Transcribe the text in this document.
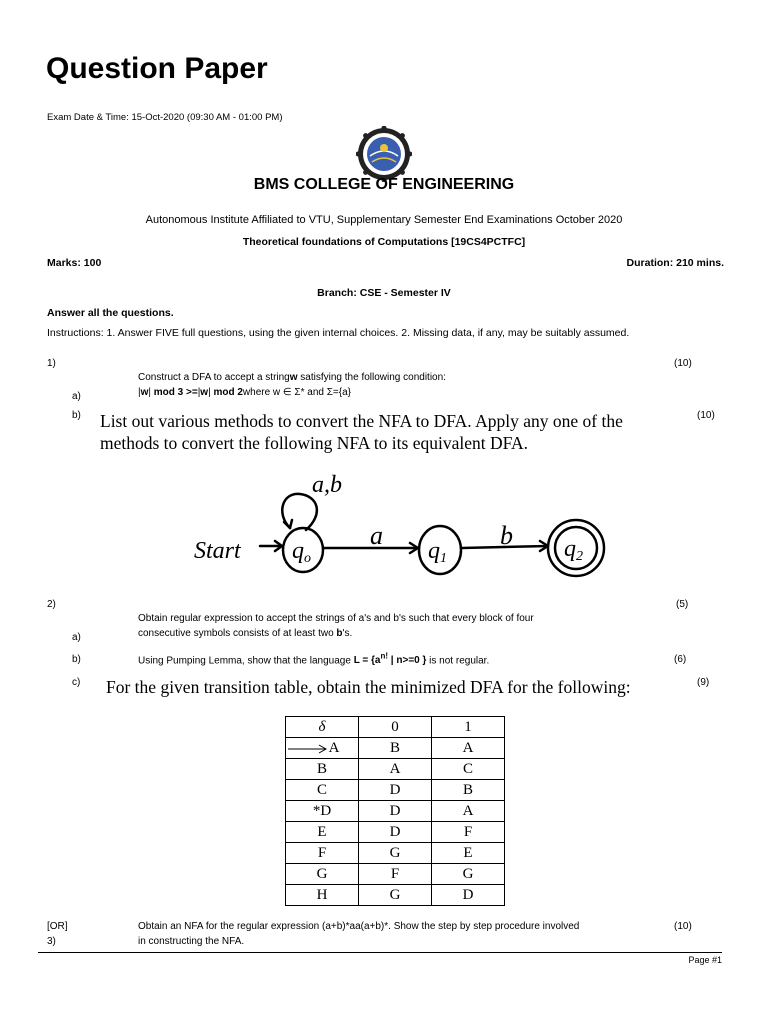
Question Paper
Exam Date & Time: 15-Oct-2020 (09:30 AM - 01:00 PM)
BMS COLLEGE OF ENGINEERING
Autonomous Institute Affiliated to VTU, Supplementary Semester End Examinations October 2020
Theoretical foundations of Computations [19CS4PCTFC]
Marks: 100	Duration: 210 mins.
Branch: CSE - Semester IV
Answer all the questions.
Instructions: 1. Answer FIVE full questions, using the given internal choices. 2. Missing data, if any, may be suitably assumed.
1)	(10)
Construct a DFA to accept a stringw satisfying the following condition:
|w| mod 3 >=|w| mod 2where w ∈ Σ* and Σ={a}
a)
b)	(10)
List out various methods to convert the NFA to DFA. Apply any one of the
methods to convert the following NFA to its equivalent DFA.
a,b
Start
a	b
qo	q1	q2
2)	(5)
Obtain regular expression to accept the strings of a's and b's such that every block of four
consecutive symbols consists of at least two b's.
a)
b)	(6)
Using Pumping Lemma, show that the language $L = \{a^{n!}$ | n>=0 } is not regular.
c)	(9)
For the given transition table, obtain the minimized DFA for the following:
δ	0	1

A	B	A
B	A	C
C	D	B
*D	D	A
E	D	F
F	G	E
G	F	G
H	G	D
[OR]
3)
Obtain an NFA for the regular expression (a+b)*aa(a+b)*. Show the step by step procedure involved	(10)
in constructing the NFA.
Page #1
